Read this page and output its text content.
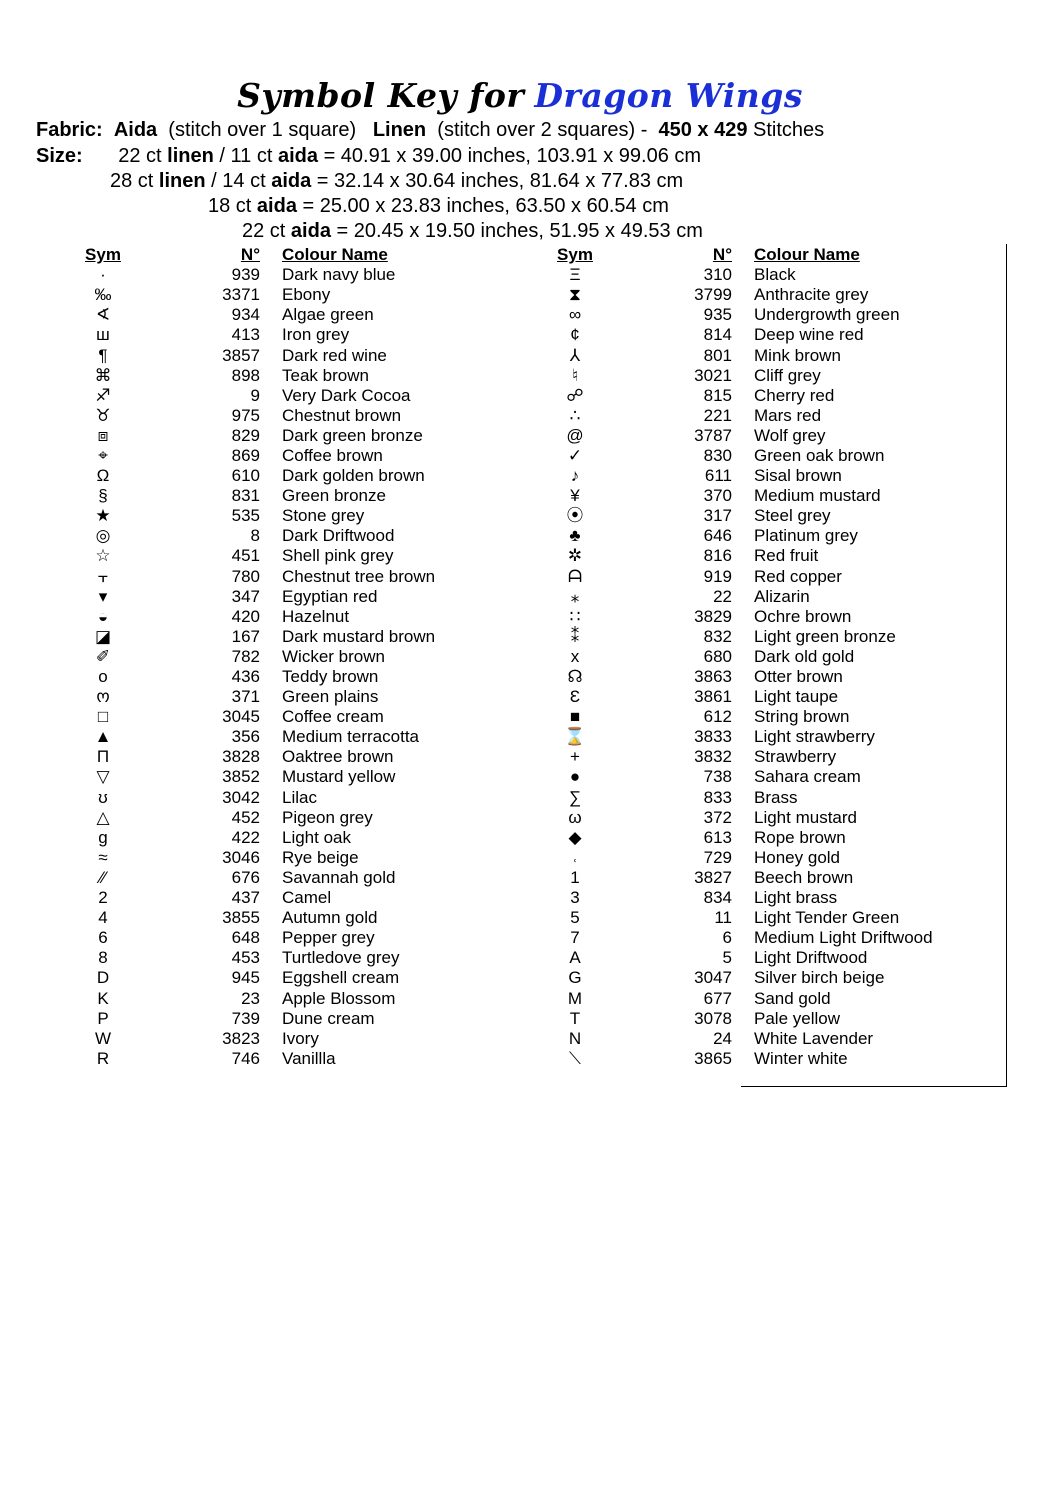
Symbol Key for Dragon Wings
Fabric: Aida (stitch over 1 square) Linen (stitch over 2 squares) - 450 x 429 Stitches
Size: 22 ct linen / 11 ct aida = 40.91 x 39.00 inches, 103.91 x 99.06 cm
28 ct linen / 14 ct aida = 32.14 x 30.64 inches, 81.64 x 77.83 cm
18 ct aida = 25.00 x 23.83 inches, 63.50 x 60.54 cm
22 ct aida = 20.45 x 19.50 inches, 51.95 x 49.53 cm
Sym	N°	Colour Name
·	939	Dark navy blue
‰	3371	Ebony
∢	934	Algae green
ш	413	Iron grey
¶	3857	Dark red wine
⌘	898	Teak brown
♐	9	Very Dark Cocoa
♉	975	Chestnut brown
⧈	829	Dark green bronze
⌖	869	Coffee brown
Ω	610	Dark golden brown
§	831	Green bronze
★	535	Stone grey
◎	8	Dark Driftwood
☆	451	Shell pink grey
⫟	780	Chestnut tree brown
▾	347	Egyptian red
◒	420	Hazelnut
◪	167	Dark mustard brown
✐	782	Wicker brown
o	436	Teddy brown
ო	371	Green plains
□	3045	Coffee cream
▲	356	Medium terracotta
Π	3828	Oaktree brown
▽	3852	Mustard yellow
ʊ	3042	Lilac
△	452	Pigeon grey
g	422	Light oak
≈	3046	Rye beige
⁄⁄	676	Savannah gold
2	437	Camel
4	3855	Autumn gold
6	648	Pepper grey
8	453	Turtledove grey
D	945	Eggshell cream
K	23	Apple Blossom
P	739	Dune cream
W	3823	Ivory
R	746	Vanillla
Sym	N°	Colour Name
Ξ	310	Black
⧗	3799	Anthracite grey
∞	935	Undergrowth green
¢	814	Deep wine red
⅄	801	Mink brown
♮	3021	Cliff grey
☍	815	Cherry red
∴	221	Mars red
@	3787	Wolf grey
✓	830	Green oak brown
♪	611	Sisal brown
¥	370	Medium mustard
⦿	317	Steel grey
♣	646	Platinum grey
✲	816	Red fruit
ᗩ	919	Red copper
⁎	22	Alizarin
∷	3829	Ochre brown
⁑	832	Light green bronze
x	680	Dark old gold
☊	3863	Otter brown
Ɛ	3861	Light taupe
■	612	String brown
⌛	3833	Light strawberry
+	3832	Strawberry
●	738	Sahara cream
∑	833	Brass
ω	372	Light mustard
◆	613	Rope brown
˓	729	Honey gold
1	3827	Beech brown
3	834	Light brass
5	11	Light Tender Green
7	6	Medium Light Driftwood
A	5	Light Driftwood
G	3047	Silver birch beige
M	677	Sand gold
T	3078	Pale yellow
N	24	White Lavender
⟍	3865	Winter white
